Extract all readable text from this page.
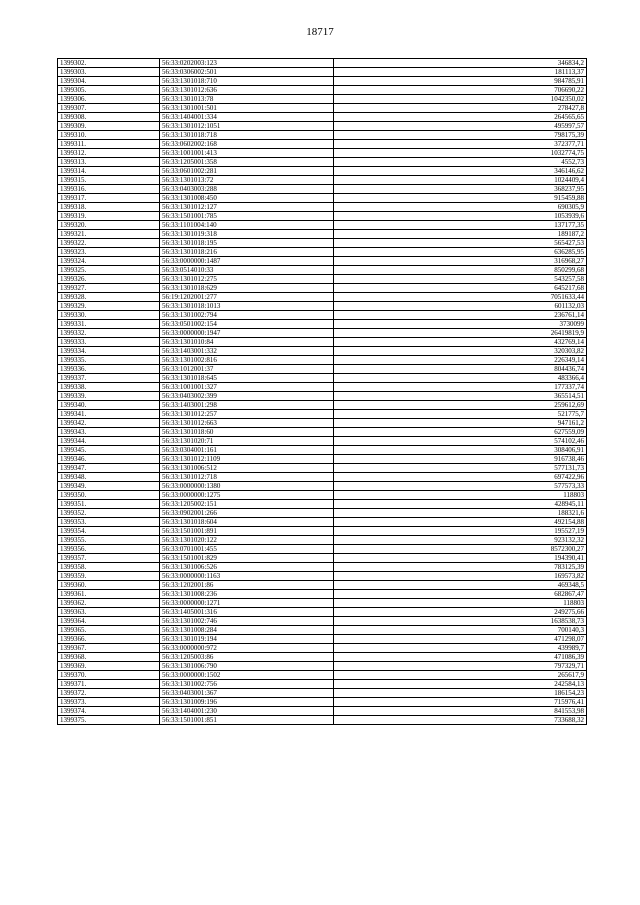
18717
1399302.	56:33:0202003:123	346834,2
1399303.	56:33:0306002:501	181113,37
1399304.	56:33:1301018:710	984785,91
1399305.	56:33:1301012:636	706690,22
1399306.	56:33:1301013:78	1042350,02
1399307.	56:33:1301001:501	278427,8
1399308.	56:33:1404001:334	264565,65
1399309.	56:33:1301012:1051	495997,57
1399310.	56:33:1301018:718	798175,39
1399311.	56:33:0602002:168	372377,71
1399312.	56:33:1001001:413	1032774,75
1399313.	56:33:1205001:358	4552,73
1399314.	56:33:0601002:281	346146,62
1399315.	56:33:1301013:72	1024409,4
1399316.	56:33:0403003:288	368237,95
1399317.	56:33:1301008:450	915459,88
1399318.	56:33:1301012:127	690305,9
1399319.	56:33:1501001:785	1053939,6
1399320.	56:33:1101004:140	137177,35
1399321.	56:33:1301019:318	189187,2
1399322.	56:33:1301018:195	565427,53
1399323.	56:33:1301018:216	636285,95
1399324.	56:33:0000000:1487	316968,27
1399325.	56:33:0514010:33	850299,68
1399326.	56:33:1301012:275	543257,58
1399327.	56:33:1301018:629	645217,68
1399328.	56:19:1202001:277	7051633,44
1399329.	56:33:1301018:1013	601132,03
1399330.	56:33:1301002:794	236761,14
1399331.	56:33:0501002:154	3730099
1399332.	56:33:0000000:1947	26419819,9
1399333.	56:33:1301010:84	432769,14
1399334.	56:33:1403001:332	320303,82
1399335.	56:33:1301002:816	226349,14
1399336.	56:33:1012001:37	804436,74
1399337.	56:33:1301018:645	483366,4
1399338.	56:33:1001001:327	177337,74
1399339.	56:33:0403002:399	365514,51
1399340.	56:33:1403001:298	259612,69
1399341.	56:33:1301012:257	521775,7
1399342.	56:33:1301012:663	947161,2
1399343.	56:33:1301018:60	627559,09
1399344.	56:33:1301020:71	574102,46
1399345.	56:33:0304001:161	308406,91
1399346.	56:33:1301012:1109	916738,46
1399347.	56:33:1301006:512	577131,73
1399348.	56:33:1301012:718	697422,96
1399349.	56:33:0000000:1380	577573,33
1399350.	56:33:0000000:1275	118803
1399351.	56:33:1205002:151	428945,11
1399352.	56:33:0902001:266	188321,6
1399353.	56:33:1301018:604	492154,88
1399354.	56:33:1501001:891	195527,19
1399355.	56:33:1301020:122	923132,32
1399356.	56:33:0701001:455	8572300,27
1399357.	56:33:1501001:829	194390,41
1399358.	56:33:1301006:526	783125,39
1399359.	56:33:0000000:1163	169573,82
1399360.	56:33:1202001:86	469348,5
1399361.	56:33:1301008:236	682867,47
1399362.	56:33:0000000:1271	118803
1399363.	56:33:1405001:316	249275,66
1399364.	56:33:1301002:746	1638538,73
1399365.	56:33:1301008:284	700140,3
1399366.	56:33:1301019:194	471298,07
1399367.	56:33:0000000:972	439989,7
1399368.	56:33:1205003:86	471086,39
1399369.	56:33:1301006:790	797329,71
1399370.	56:33:0000000:1502	265617,9
1399371.	56:33:1301002:756	242584,13
1399372.	56:33:0403001:367	186154,23
1399373.	56:33:1301009:196	715976,41
1399374.	56:33:1404001:230	841553,98
1399375.	56:33:1501001:851	733688,32
